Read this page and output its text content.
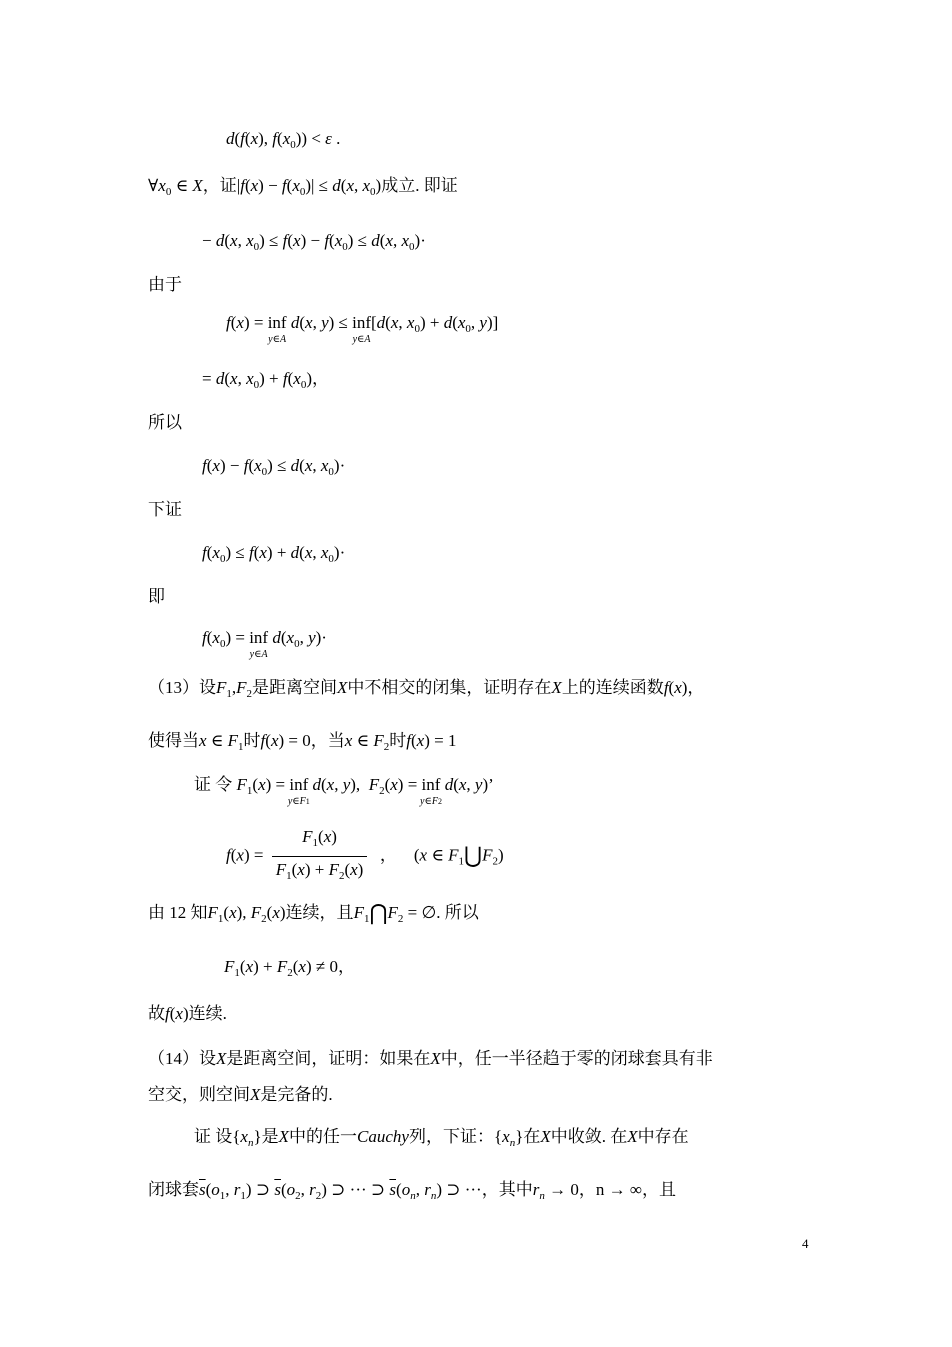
d(f(x), $f(x_0)) < \varepsilon$ .
$\forall x_0$ ∈ X，证$|f(x) - f(x_0)| \le d(x$, $x_0$)成立. 即证
− d(x, $x_0) \le f(x) - f(x_0) \le d(x$, $x_0)\cdot$
由于
f(x) = inf
y∈A
d(x, y) ≤ inf
y∈A
[d(x, $x_0) + d(x_0$, y)]
= d(x, $x_0) + f(x_0)$，
所以
$f(x) - f(x_0) \le d(x$, $x_0)\cdot$
下证
$f(x_0) \le f(x) + d(x$, $x_0)\cdot$
即
$f(x_0)$ = inf
y∈A
$d(x_0$, y)·
（13）设$F_1,F_2$是距离空间X中不相交的闭集，证明存在X上的连续函数f(x)，
使得当x ∈ $F_1$时f(x) = 0，当x ∈ $F_2$时f(x) = 1
证 令 $F_1(x)$ = inf
y∈F1
d(x, y),  $F_2(x)$ = inf
y∈F2
d(x, y)’
$f(x) = \frac{F_1(x)}{F_1(x) + F_2(x)}$ ，    (x ∈ $F_1⋃F_2$)
由 12 知$F_1(x)$, $F_2(x)$连续，且$F_1⋂F_2$ = ∅. 所以
$F_1(x) + F_2(x) \ne 0$，
故f(x)连续.
（14）设X是距离空间，证明：如果在X中，任一半径趋于零的闭球套具有非
空交，则空间X是完备的.
证 设$\{x_n\}$是X中的任一Cauchy列，下证：$\{x_n\}$在X中收敛. 在X中存在
闭球套$\overline{s}(o_1$, $r_1$) ⊃ $\overline{s}(o_2$, $r_2$) ⊃ ··· ⊃ $\overline{s}(o_n$, $r_n$) ⊃ ···，其中$r_n \to 0$，n → ∞，且
4
